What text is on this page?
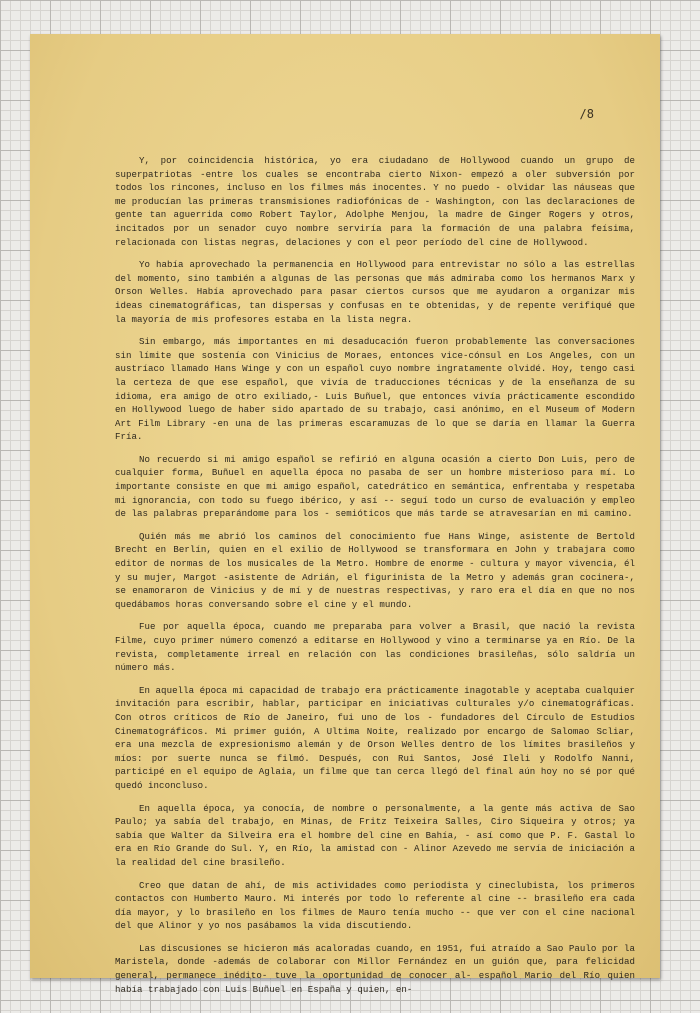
/8

Y, por coincidencia histórica, yo era ciudadano de Hollywood cuando un grupo de superpatriotas -entre los cuales se encontraba cierto Nixon- empezó a oler subversión por todos los rincones, incluso en los filmes más inocentes. Y no puedo - olvidar las náuseas que me producían las primeras transmisiones radiofónicas de - Washington, con las declaraciones de gente tan aguerrida como Robert Taylor, Adolphe Menjou, la madre de Ginger Rogers y otros, incitados por un senador cuyo nombre serviría para la formación de una palabra feísima, relacionada con listas negras, delaciones y con el peor período del cine de Hollywood.

Yo había aprovechado la permanencia en Hollywood para entrevistar no sólo a las estrellas del momento, sino también a algunas de las personas que más admiraba como los hermanos Marx y Orson Welles. Había aprovechado para pasar ciertos cursos que me ayudaron a organizar mis ideas cinematográficas, tan dispersas y confusas en te obtenidas, y de repente verifiqué que la mayoría de mis profesores estaba en la lista negra.

Sin embargo, más importantes en mi desaducación fueron probablemente las conversaciones sin límite que sostenía con Vinicius de Moraes, entonces vice-cónsul en Los Angeles, con un austríaco llamado Hans Winge y con un español cuyo nombre ingratamente olvidé. Hoy, tengo casi la certeza de que ese español, que vivía de traducciones técnicas y de la enseñanza de su idioma, era amigo de otro exiliado,- Luis Buñuel, que entonces vivía prácticamente escondido en Hollywood luego de haber sido apartado de su trabajo, casi anónimo, en el Museum of Modern Art Film Library -en una de las primeras escaramuzas de lo que se daría en llamar la Guerra Fría.

No recuerdo si mi amigo español se refirió en alguna ocasión a cierto Don Luis, pero de cualquier forma, Buñuel en aquella época no pasaba de ser un hombre misterioso para mí. Lo importante consiste en que mi amigo español, catedrático en semántica, enfrentaba y respetaba mi ignorancia, con todo su fuego ibérico, y así -- seguí todo un curso de evaluación y empleo de las palabras preparándome para los - semióticos que más tarde se atravesarían en mi camino.

Quién más me abrió los caminos del conocimiento fue Hans Winge, asistente de Bertold Brecht en Berlín, quien en el exilio de Hollywood se transformara en John y trabajara como editor de normas de los musicales de la Metro. Hombre de enorme - cultura y mayor vivencia, él y su mujer, Margot -asistente de Adrián, el figurinista de la Metro y además gran cocinera-, se enamoraron de Vinicius y de mí y de nuestras respectivas, y raro era el día en que no nos quedábamos horas conversando sobre el cine y el mundo.

Fue por aquella época, cuando me preparaba para volver a Brasil, que nació la revista Filme, cuyo primer número comenzó a editarse en Hollywood y vino a terminarse ya en Río. De la revista, completamente irreal en relación con las condiciones brasileñas, sólo saldría un número más.

En aquella época mi capacidad de trabajo era prácticamente inagotable y aceptaba cualquier invitación para escribir, hablar, participar en iniciativas culturales y/o cinematográficas. Con otros críticos de Río de Janeiro, fui uno de los - fundadores del Círculo de Estudios Cinematográficos. Mi primer guión, A Ultima Noite, realizado por encargo de Salomao Scliar, era una mezcla de expresionismo alemán y de Orson Welles dentro de los límites brasileños y míos: por suerte nunca se filmó. Después, con Rui Santos, José Ileli y Rodolfo Nanni, participé en el equipo de Aglaia, un filme que tan cerca llegó del final aún hoy no sé por qué quedó inconcluso.

En aquella época, ya conocía, de nombre o personalmente, a la gente más activa de Sao Paulo; ya sabía del trabajo, en Minas, de Fritz Teixeira Salles, Ciro Siqueira y otros; ya sabía que Walter da Silveira era el hombre del cine en Bahía, - así como que P. F. Gastal lo era en Río Grande do Sul. Y, en Río, la amistad con - Alinor Azevedo me servía de iniciación a la realidad del cine brasileño.

Creo que datan de ahí, de mis actividades como periodista y cineclubista, los primeros contactos con Humberto Mauro. Mi interés por todo lo referente al cine -- brasileño era cada día mayor, y lo brasileño en los filmes de Mauro tenía mucho -- que ver con el cine nacional del que Alinor y yo nos pasábamos la vida discutiendo.

Las discusiones se hicieron más acaloradas cuando, en 1951, fui atraído a Sao Paulo por la Maristela, donde -además de colaborar con Millor Fernández en un guión que, para felicidad general, permanece inédito- tuve la oportunidad de conocer al- español Mario del Río quien había trabajado con Luis Buñuel en España y quien, en-
